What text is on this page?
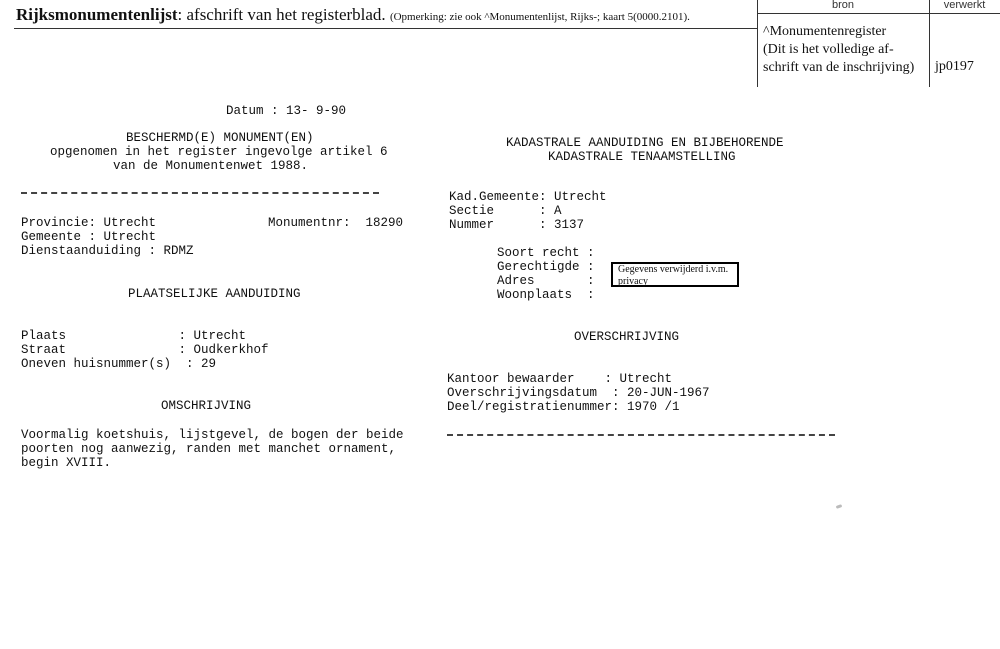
Rijksmonumentenlijst: afschrift van het registerblad. (Opmerking: zie ook ^Monumentenlijst, Rijks-; kaart 5(0000.2101).
bron	verwerkt
^Monumentenregister
(Dit is het volledige af-
schrift van de inschrijving)	jp0197
Datum : 13- 9-90
BESCHERMD(E) MONUMENT(EN)
opgenomen in het register ingevolge artikel 6
van de Monumentenwet 1988.
Provincie: Utrecht	Monumentnr:  18290
Gemeente : Utrecht
Dienstaanduiding : RDMZ
PLAATSELIJKE AANDUIDING
Plaats               : Utrecht
Straat               : Oudkerkhof
Oneven huisnummer(s)  : 29
OMSCHRIJVING
Voormalig koetshuis, lijstgevel, de bogen der beide
poorten nog aanwezig, randen met manchet ornament,
begin XVIII.
KADASTRALE AANDUIDING EN BIJBEHORENDE
KADASTRALE TENAAMSTELLING
Kad.Gemeente: Utrecht
Sectie      : A
Nummer      : 3137
Soort recht :
Gerechtigde :
Adres       :
Woonplaats  :
Gegevens verwijderd i.v.m. privacy
OVERSCHRIJVING
Kantoor bewaarder    : Utrecht
Overschrijvingsdatum  : 20-JUN-1967
Deel/registratienummer: 1970 /1
